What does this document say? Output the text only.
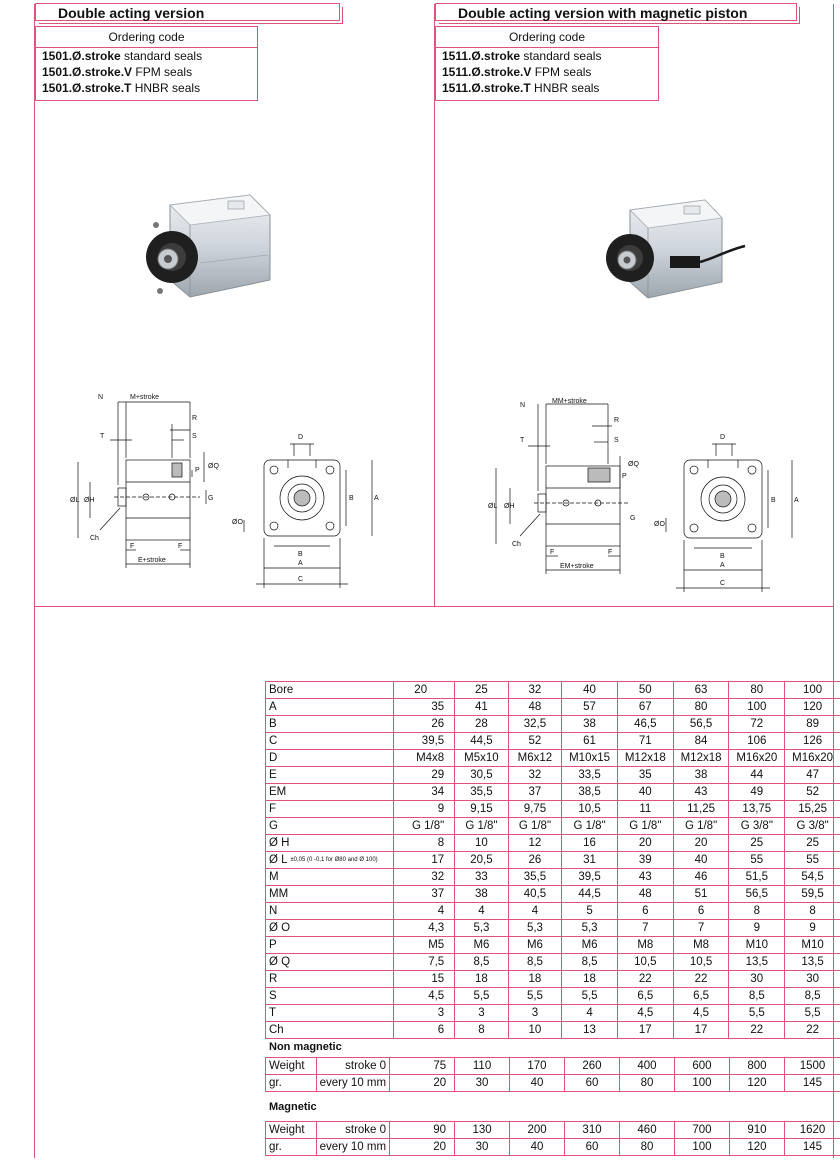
Double acting version
Ordering code
1501.Ø.stroke standard seals
1501.Ø.stroke.V FPM seals
1501.Ø.stroke.T HNBR seals
Double acting version with magnetic piston
Ordering code
1511.Ø.stroke standard seals
1511.Ø.stroke.V FPM seals
1511.Ø.stroke.T HNBR seals
N	M+stroke
R
T	S
ØQ
P
ØL ØH	G
Ch
F	F
E+stroke
D
B	A
B
A
C
ØO
N
MM+stroke
R
T	S
ØQ
P
ØL ØH
G
Ch
F	F
EM+stroke
D
B	A
B
A
C
ØO
Bore	20	25	32	40	50	63	80	100
A	35	41	48	57	67	80	100	120
B	26	28	32,5	38	46,5	56,5	72	89
C	39,5	44,5	52	61	71	84	106	126
D	M4x8	M5x10	M6x12	M10x15	M12x18	M12x18	M16x20	M16x20
E	29	30,5	32	33,5	35	38	44	47
EM	34	35,5	37	38,5	40	43	49	52
F	9	9,15	9,75	10,5	11	11,25	13,75	15,25
G	G 1/8"	G 1/8"	G 1/8"	G 1/8"	G 1/8"	G 1/8"	G 3/8"	G 3/8"
Ø H	8	10	12	16	20	20	25	25
Ø L ±0,05 (0 -0,1 for Ø80 and Ø 100)	17	20,5	26	31	39	40	55	55
M	32	33	35,5	39,5	43	46	51,5	54,5
MM	37	38	40,5	44,5	48	51	56,5	59,5
N	4	4	4	5	6	6	8	8
Ø O	4,3	5,3	5,3	5,3	7	7	9	9
P	M5	M6	M6	M6	M8	M8	M10	M10
Ø Q	7,5	8,5	8,5	8,5	10,5	10,5	13,5	13,5
R	15	18	18	18	22	22	30	30
S	4,5	5,5	5,5	5,5	6,5	6,5	8,5	8,5
T	3	3	3	4	4,5	4,5	5,5	5,5
Ch	6	8	10	13	17	17	22	22
Non magnetic
Weight	stroke 0	75	110	170	260	400	600	800	1500
gr.	every 10 mm	20	30	40	60	80	100	120	145
Magnetic
Weight	stroke 0	90	130	200	310	460	700	910	1620
gr.	every 10 mm	20	30	40	60	80	100	120	145
